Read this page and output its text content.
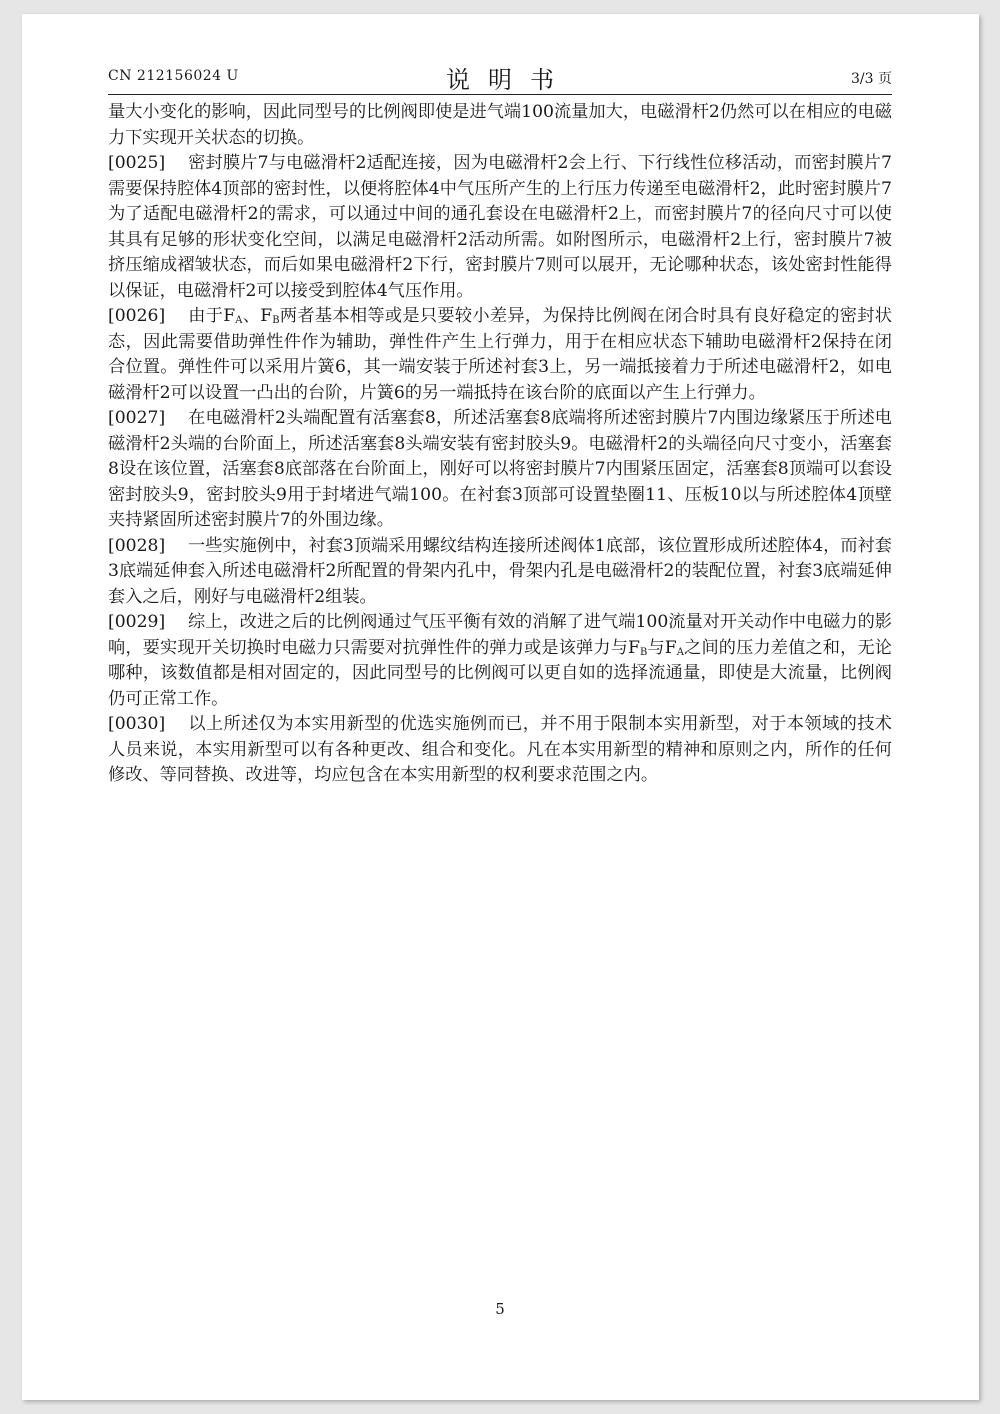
CN 212156024 U	说明书	3/3 页

量大小变化的影响，因此同型号的比例阀即使是进气端100流量加大，电磁滑杆2仍然可以在相应的电磁力下实现开关状态的切换。

[0025] 密封膜片7与电磁滑杆2适配连接，因为电磁滑杆2会上行、下行线性位移活动，而密封膜片7需要保持腔体4顶部的密封性，以便将腔体4中气压所产生的上行压力传递至电磁滑杆2，此时密封膜片7为了适配电磁滑杆2的需求，可以通过中间的通孔套设在电磁滑杆2上，而密封膜片7的径向尺寸可以使其具有足够的形状变化空间，以满足电磁滑杆2活动所需。如附图所示，电磁滑杆2上行，密封膜片7被挤压缩成褶皱状态，而后如果电磁滑杆2下行，密封膜片7则可以展开，无论哪种状态，该处密封性能得以保证，电磁滑杆2可以接受到腔体4气压作用。

[0026] 由于$F_A$、$F_B$两者基本相等或是只要较小差异，为保持比例阀在闭合时具有良好稳定的密封状态，因此需要借助弹性件作为辅助，弹性件产生上行弹力，用于在相应状态下辅助电磁滑杆2保持在闭合位置。弹性件可以采用片簧6，其一端安装于所述衬套3上，另一端抵接着力于所述电磁滑杆2，如电磁滑杆2可以设置一凸出的台阶，片簧6的另一端抵持在该台阶的底面以产生上行弹力。

[0027] 在电磁滑杆2头端配置有活塞套8，所述活塞套8底端将所述密封膜片7内围边缘紧压于所述电磁滑杆2头端的台阶面上，所述活塞套8头端安装有密封胶头9。电磁滑杆2的头端径向尺寸变小，活塞套8设在该位置，活塞套8底部落在台阶面上，刚好可以将密封膜片7内围紧压固定，活塞套8顶端可以套设密封胶头9，密封胶头9用于封堵进气端100。在衬套3顶部可设置垫圈11、压板10以与所述腔体4顶壁夹持紧固所述密封膜片7的外围边缘。

[0028] 一些实施例中，衬套3顶端采用螺纹结构连接所述阀体1底部，该位置形成所述腔体4，而衬套3底端延伸套入所述电磁滑杆2所配置的骨架内孔中，骨架内孔是电磁滑杆2的装配位置，衬套3底端延伸套入之后，刚好与电磁滑杆2组装。

[0029] 综上，改进之后的比例阀通过气压平衡有效的消解了进气端100流量对开关动作中电磁力的影响，要实现开关切换时电磁力只需要对抗弹性件的弹力或是该弹力与$F_B$与$F_A$之间的压力差值之和，无论哪种，该数值都是相对固定的，因此同型号的比例阀可以更自如的选择流通量，即使是大流量，比例阀仍可正常工作。

[0030] 以上所述仅为本实用新型的优选实施例而已，并不用于限制本实用新型，对于本领域的技术人员来说，本实用新型可以有各种更改、组合和变化。凡在本实用新型的精神和原则之内，所作的任何修改、等同替换、改进等，均应包含在本实用新型的权利要求范围之内。

5
